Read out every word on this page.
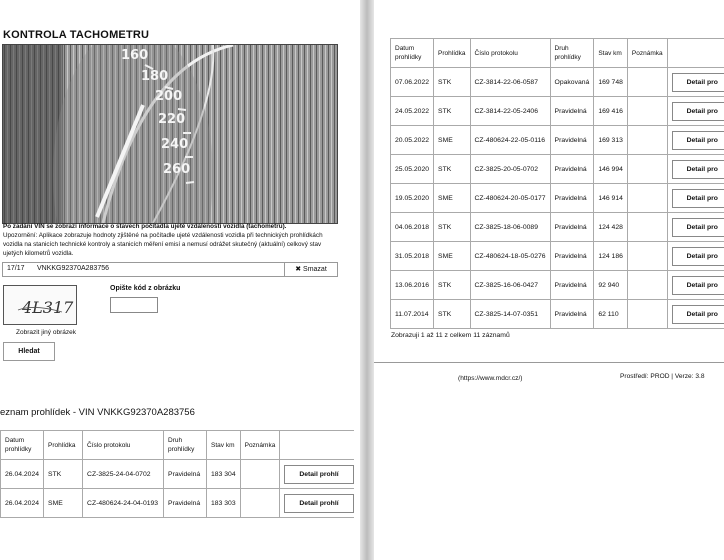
KONTROLA TACHOMETRU
160
180
200
220
240
260
Po zadání VIN se zobrazí informace o stavech počítadla ujeté vzdálenosti vozidla (tachometru).
Upozornění: Aplikace zobrazuje hodnoty zjištěné na počítadle ujeté vzdálenosti vozidla při technických prohlídkách vozidla na stanicích technické kontroly a stanicích měření emisí a nemusí odrážet skutečný (aktuální) celkový stav ujetých kilometrů vozidla.
17/17 VNKKG92370A283756	✖ Smazat
4L317
Opište kód z obrázku
Zobrazit jiný obrázek
Hledat
eznam prohlídek - VIN VNKKG92370A283756
Datum prohlídky	Prohlídka	Číslo protokolu	Druh prohlídky	Stav km	Poznámka	
26.04.2024	STK	CZ-3825-24-04-0702	Pravidelná	183 304		Detail prohlí
26.04.2024	SME	CZ-480624-24-04-0193	Pravidelná	183 303		Detail prohlí
Datum prohlídky	Prohlídka	Číslo protokolu	Druh prohlídky	Stav km	Poznámka	
07.06.2022	STK	CZ-3814-22-06-0587	Opakovaná	169 748		Detail pro
24.05.2022	STK	CZ-3814-22-05-2406	Pravidelná	169 416		Detail pro
20.05.2022	SME	CZ-480624-22-05-0116	Pravidelná	169 313		Detail pro
25.05.2020	STK	CZ-3825-20-05-0702	Pravidelná	146 994		Detail pro
19.05.2020	SME	CZ-480624-20-05-0177	Pravidelná	146 914		Detail pro
04.06.2018	STK	CZ-3825-18-06-0089	Pravidelná	124 428		Detail pro
31.05.2018	SME	CZ-480624-18-05-0276	Pravidelná	124 186		Detail pro
13.06.2016	STK	CZ-3825-16-06-0427	Pravidelná	92 940		Detail pro
11.07.2014	STK	CZ-3825-14-07-0351	Pravidelná	62 110		Detail pro
Zobrazuji 1 až 11 z celkem 11 záznamů
(https://www.mdcr.cz/)	Prostředí: PROD | Verze: 3.8
